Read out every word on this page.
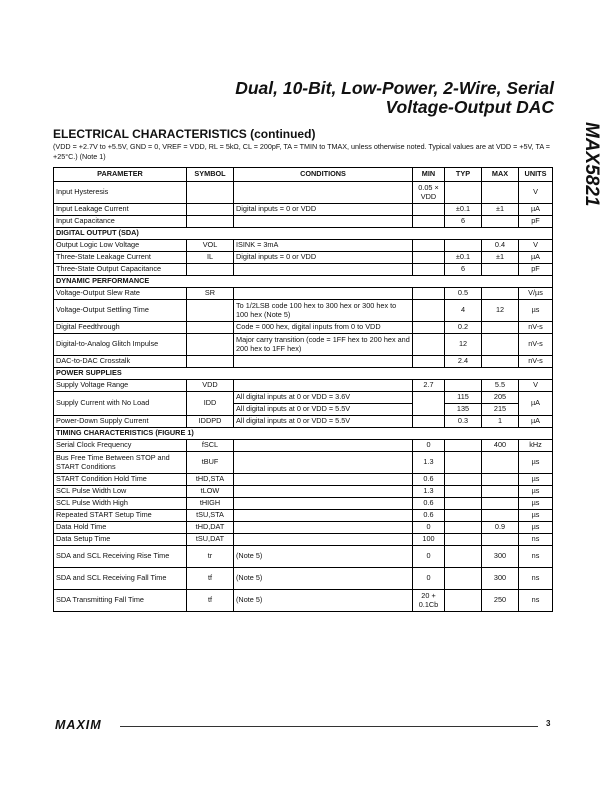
Dual, 10-Bit, Low-Power, 2-Wire, Serial
Voltage-Output DAC
MAX5821
ELECTRICAL CHARACTERISTICS (continued)
(VDD = +2.7V to +5.5V, GND = 0, VREF = VDD, RL = 5kΩ, CL = 200pF, TA = TMIN to TMAX, unless otherwise noted. Typical values are at VDD = +5V, TA = +25°C.) (Note 1)
PARAMETER	SYMBOL	CONDITIONS	MIN	TYP	MAX	UNITS
Input Hysteresis			0.05 × VDD			V
Input Leakage Current		Digital inputs = 0 or VDD		±0.1	±1	µA
Input Capacitance				6		pF
DIGITAL OUTPUT (SDA)						
Output Logic Low Voltage	VOL	ISINK = 3mA			0.4	V
Three-State Leakage Current	IL	Digital inputs = 0 or VDD		±0.1	±1	µA
Three-State Output Capacitance				6		pF
DYNAMIC PERFORMANCE						
Voltage-Output Slew Rate	SR			0.5		V/µs
Voltage-Output Settling Time		To 1/2LSB code 100 hex to 300 hex or 300 hex to 100 hex (Note 5)		4	12	µs
Digital Feedthrough		Code = 000 hex, digital inputs from 0 to VDD		0.2		nV-s
Digital-to-Analog Glitch Impulse		Major carry transition (code = 1FF hex to 200 hex and 200 hex to 1FF hex)		12		nV-s
DAC-to-DAC Crosstalk				2.4		nV-s
POWER SUPPLIES						
Supply Voltage Range	VDD		2.7		5.5	V
Supply Current with No Load	IDD	All digital inputs at 0 or VDD = 3.6V		115	205	µA
		All digital inputs at 0 or VDD = 5.5V		135	215	
Power-Down Supply Current	IDDPD	All digital inputs at 0 or VDD = 5.5V		0.3	1	µA
TIMING CHARACTERISTICS (FIGURE 1)						
Serial Clock Frequency	fSCL		0		400	kHz
Bus Free Time Between STOP and START Conditions	tBUF		1.3			µs
START Condition Hold Time	tHD,STA		0.6			µs
SCL Pulse Width Low	tLOW		1.3			µs
SCL Pulse Width High	tHIGH		0.6			µs
Repeated START Setup Time	tSU,STA		0.6			µs
Data Hold Time	tHD,DAT		0		0.9	µs
Data Setup Time	tSU,DAT		100			ns
SDA and SCL Receiving Rise Time	tr	(Note 5)	0		300	ns
SDA and SCL Receiving Fall Time	tf	(Note 5)	0		300	ns
SDA Transmitting Fall Time	tf	(Note 5)	20 + 0.1Cb		250	ns
MAXIM	3
